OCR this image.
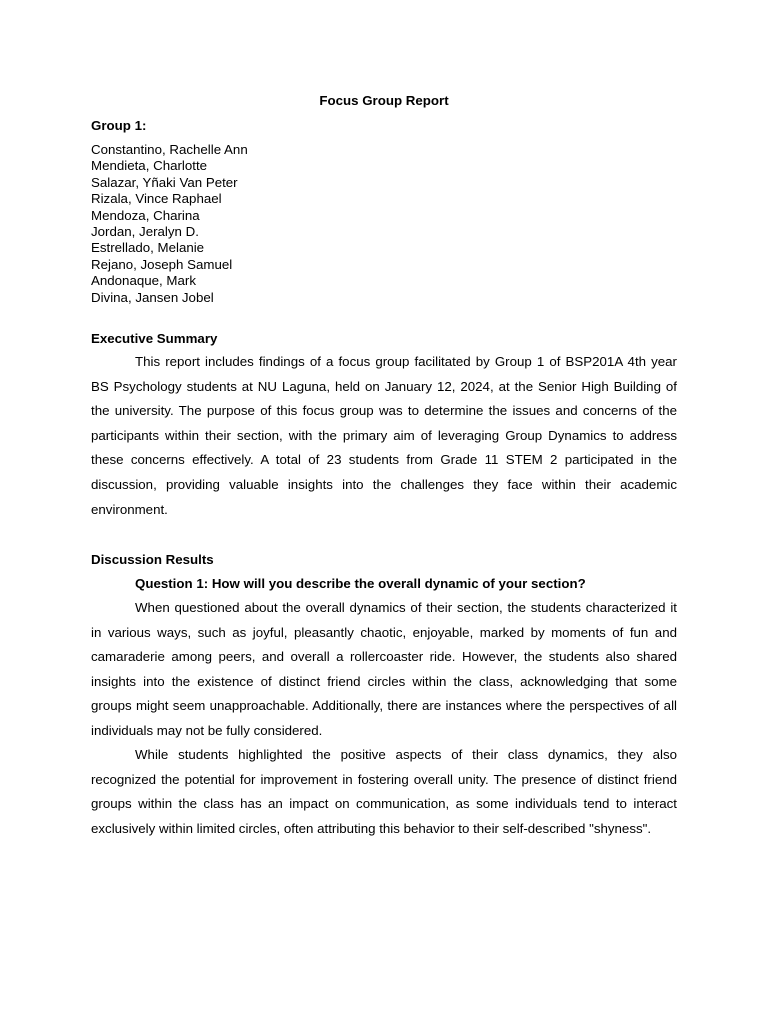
Focus Group Report
Group 1:
Constantino, Rachelle Ann
Mendieta, Charlotte
Salazar, Yñaki Van Peter
Rizala, Vince Raphael
Mendoza, Charina
Jordan, Jeralyn D.
Estrellado, Melanie
Rejano, Joseph Samuel
Andonaque, Mark
Divina, Jansen Jobel
Executive Summary

This report includes findings of a focus group facilitated by Group 1 of BSP201A 4th year BS Psychology students at NU Laguna, held on January 12, 2024, at the Senior High Building of the university. The purpose of this focus group was to determine the issues and concerns of the participants within their section, with the primary aim of leveraging Group Dynamics to address these concerns effectively. A total of 23 students from Grade 11 STEM 2 participated in the discussion, providing valuable insights into the challenges they face within their academic environment.

Discussion Results
Question 1: How will you describe the overall dynamic of your section?

When questioned about the overall dynamics of their section, the students characterized it in various ways, such as joyful, pleasantly chaotic, enjoyable, marked by moments of fun and camaraderie among peers, and overall a rollercoaster ride. However, the students also shared insights into the existence of distinct friend circles within the class, acknowledging that some groups might seem unapproachable. Additionally, there are instances where the perspectives of all individuals may not be fully considered.

While students highlighted the positive aspects of their class dynamics, they also recognized the potential for improvement in fostering overall unity. The presence of distinct friend groups within the class has an impact on communication, as some individuals tend to interact exclusively within limited circles, often attributing this behavior to their self-described "shyness".
